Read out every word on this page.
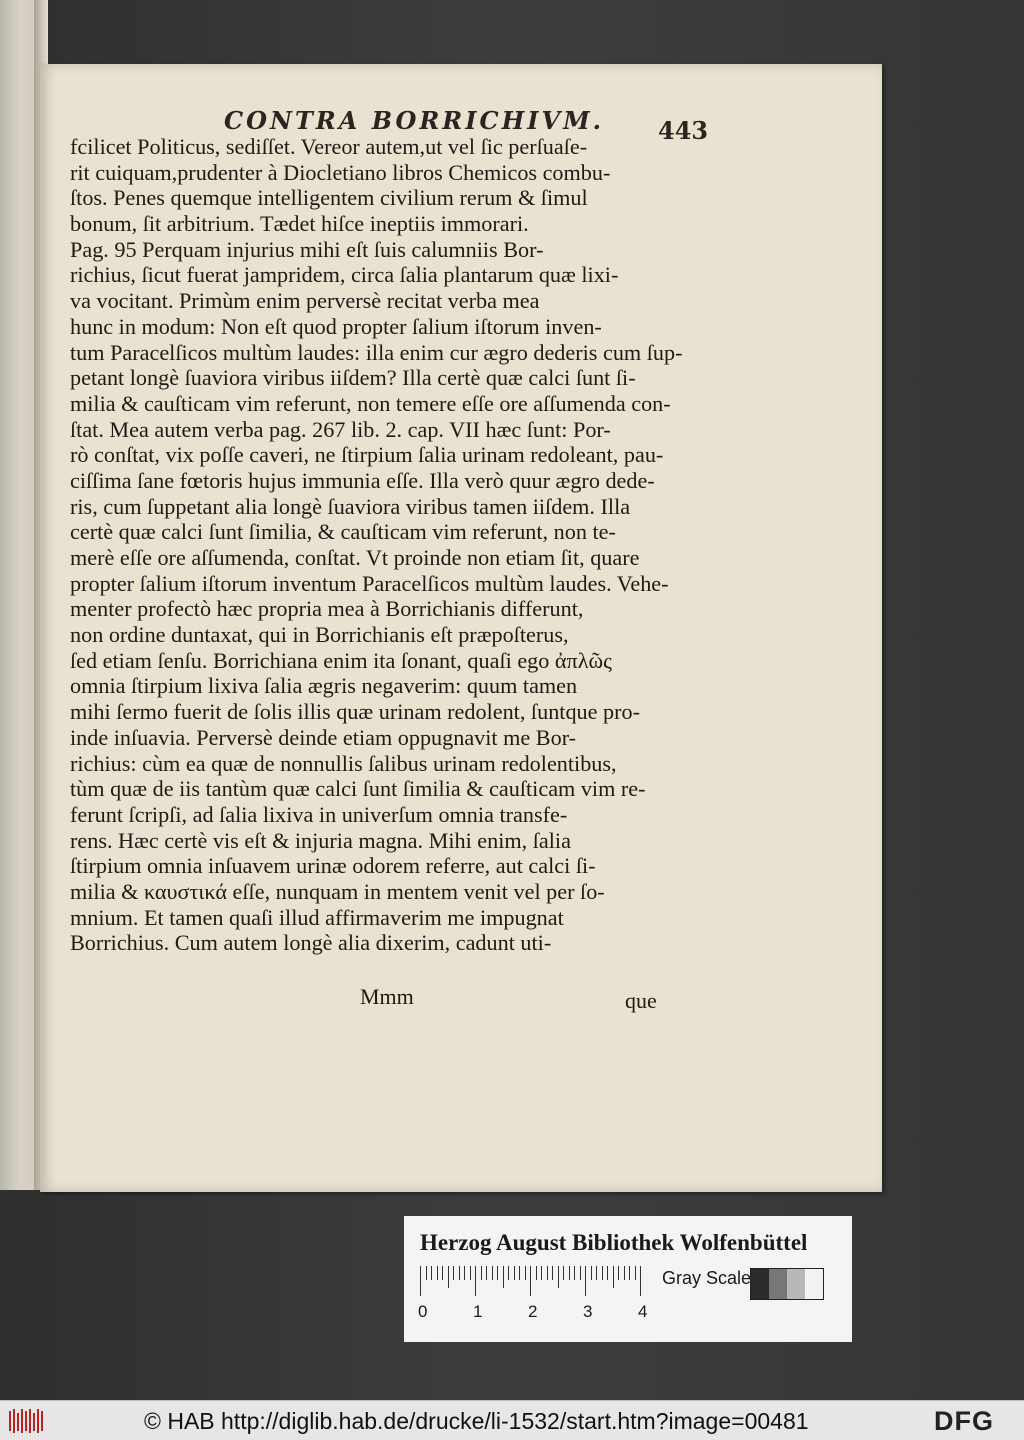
CONTRA BORRICHIVM. 443
fcilicet Politicus, sediſſet. Vereor autem,ut vel ſic perſuaſe-
rit cuiquam,prudenter à Diocletiano libros Chemicos combu-
ſtos. Penes quemque intelligentem civilium rerum & ſimul
bonum, ſit arbitrium. Tædet hiſce ineptiis immorari.
Pag. 95 Perquam injurius mihi eſt ſuis calumniis Bor-
richius, ſicut fuerat jampridem, circa ſalia plantarum quæ lixi-
va vocitant. Primùm enim perversè recitat verba mea
hunc in modum: Non eſt quod propter ſalium iſtorum inven-
tum Paracelſicos multùm laudes: illa enim cur ægro dederis cum ſup-
petant longè ſuaviora viribus iiſdem? Illa certè quæ calci ſunt ſi-
milia & cauſticam vim referunt, non temere eſſe ore aſſumenda con-
ſtat. Mea autem verba pag. 267 lib. 2. cap. VII hæc ſunt: Por-
rò conſtat, vix poſſe caveri, ne ſtirpium ſalia urinam redoleant, pau-
ciſſima ſane fœtoris hujus immunia eſſe. Illa verò quur ægro dede-
ris, cum ſuppetant alia longè ſuaviora viribus tamen iiſdem. Illa
certè quæ calci ſunt ſimilia, & cauſticam vim referunt, non te-
merè eſſe ore aſſumenda, conſtat. Vt proinde non etiam ſit, quare
propter ſalium iſtorum inventum Paracelſicos multùm laudes. Vehe-
menter profectò hæc propria mea à Borrichianis differunt,
non ordine duntaxat, qui in Borrichianis eſt præpoſterus,
ſed etiam ſenſu. Borrichiana enim ita ſonant, quaſi ego ἀπλῶς
omnia ſtirpium lixiva ſalia ægris negaverim: quum tamen
mihi ſermo fuerit de ſolis illis quæ urinam redolent, ſuntque pro-
inde inſuavia. Perversè deinde etiam oppugnavit me Bor-
richius: cùm ea quæ de nonnullis ſalibus urinam redolentibus,
tùm quæ de iis tantùm quæ calci ſunt ſimilia & cauſticam vim re-
ferunt ſcripſi, ad ſalia lixiva in univerſum omnia transfe-
rens. Hæc certè vis eſt & injuria magna. Mihi enim, ſalia
ſtirpium omnia inſuavem urinæ odorem referre, aut calci ſi-
milia & καυστικά eſſe, nunquam in mentem venit vel per ſo-
mnium. Et tamen quaſi illud affirmaverim me impugnat
Borrichius. Cum autem longè alia dixerim, cadunt uti-
Mmm	que
Herzog August Bibliothek Wolfenbüttel
0	1	2	3	4
Gray Scale
© HAB http://diglib.hab.de/drucke/li-1532/start.htm?image=00481	DFG
